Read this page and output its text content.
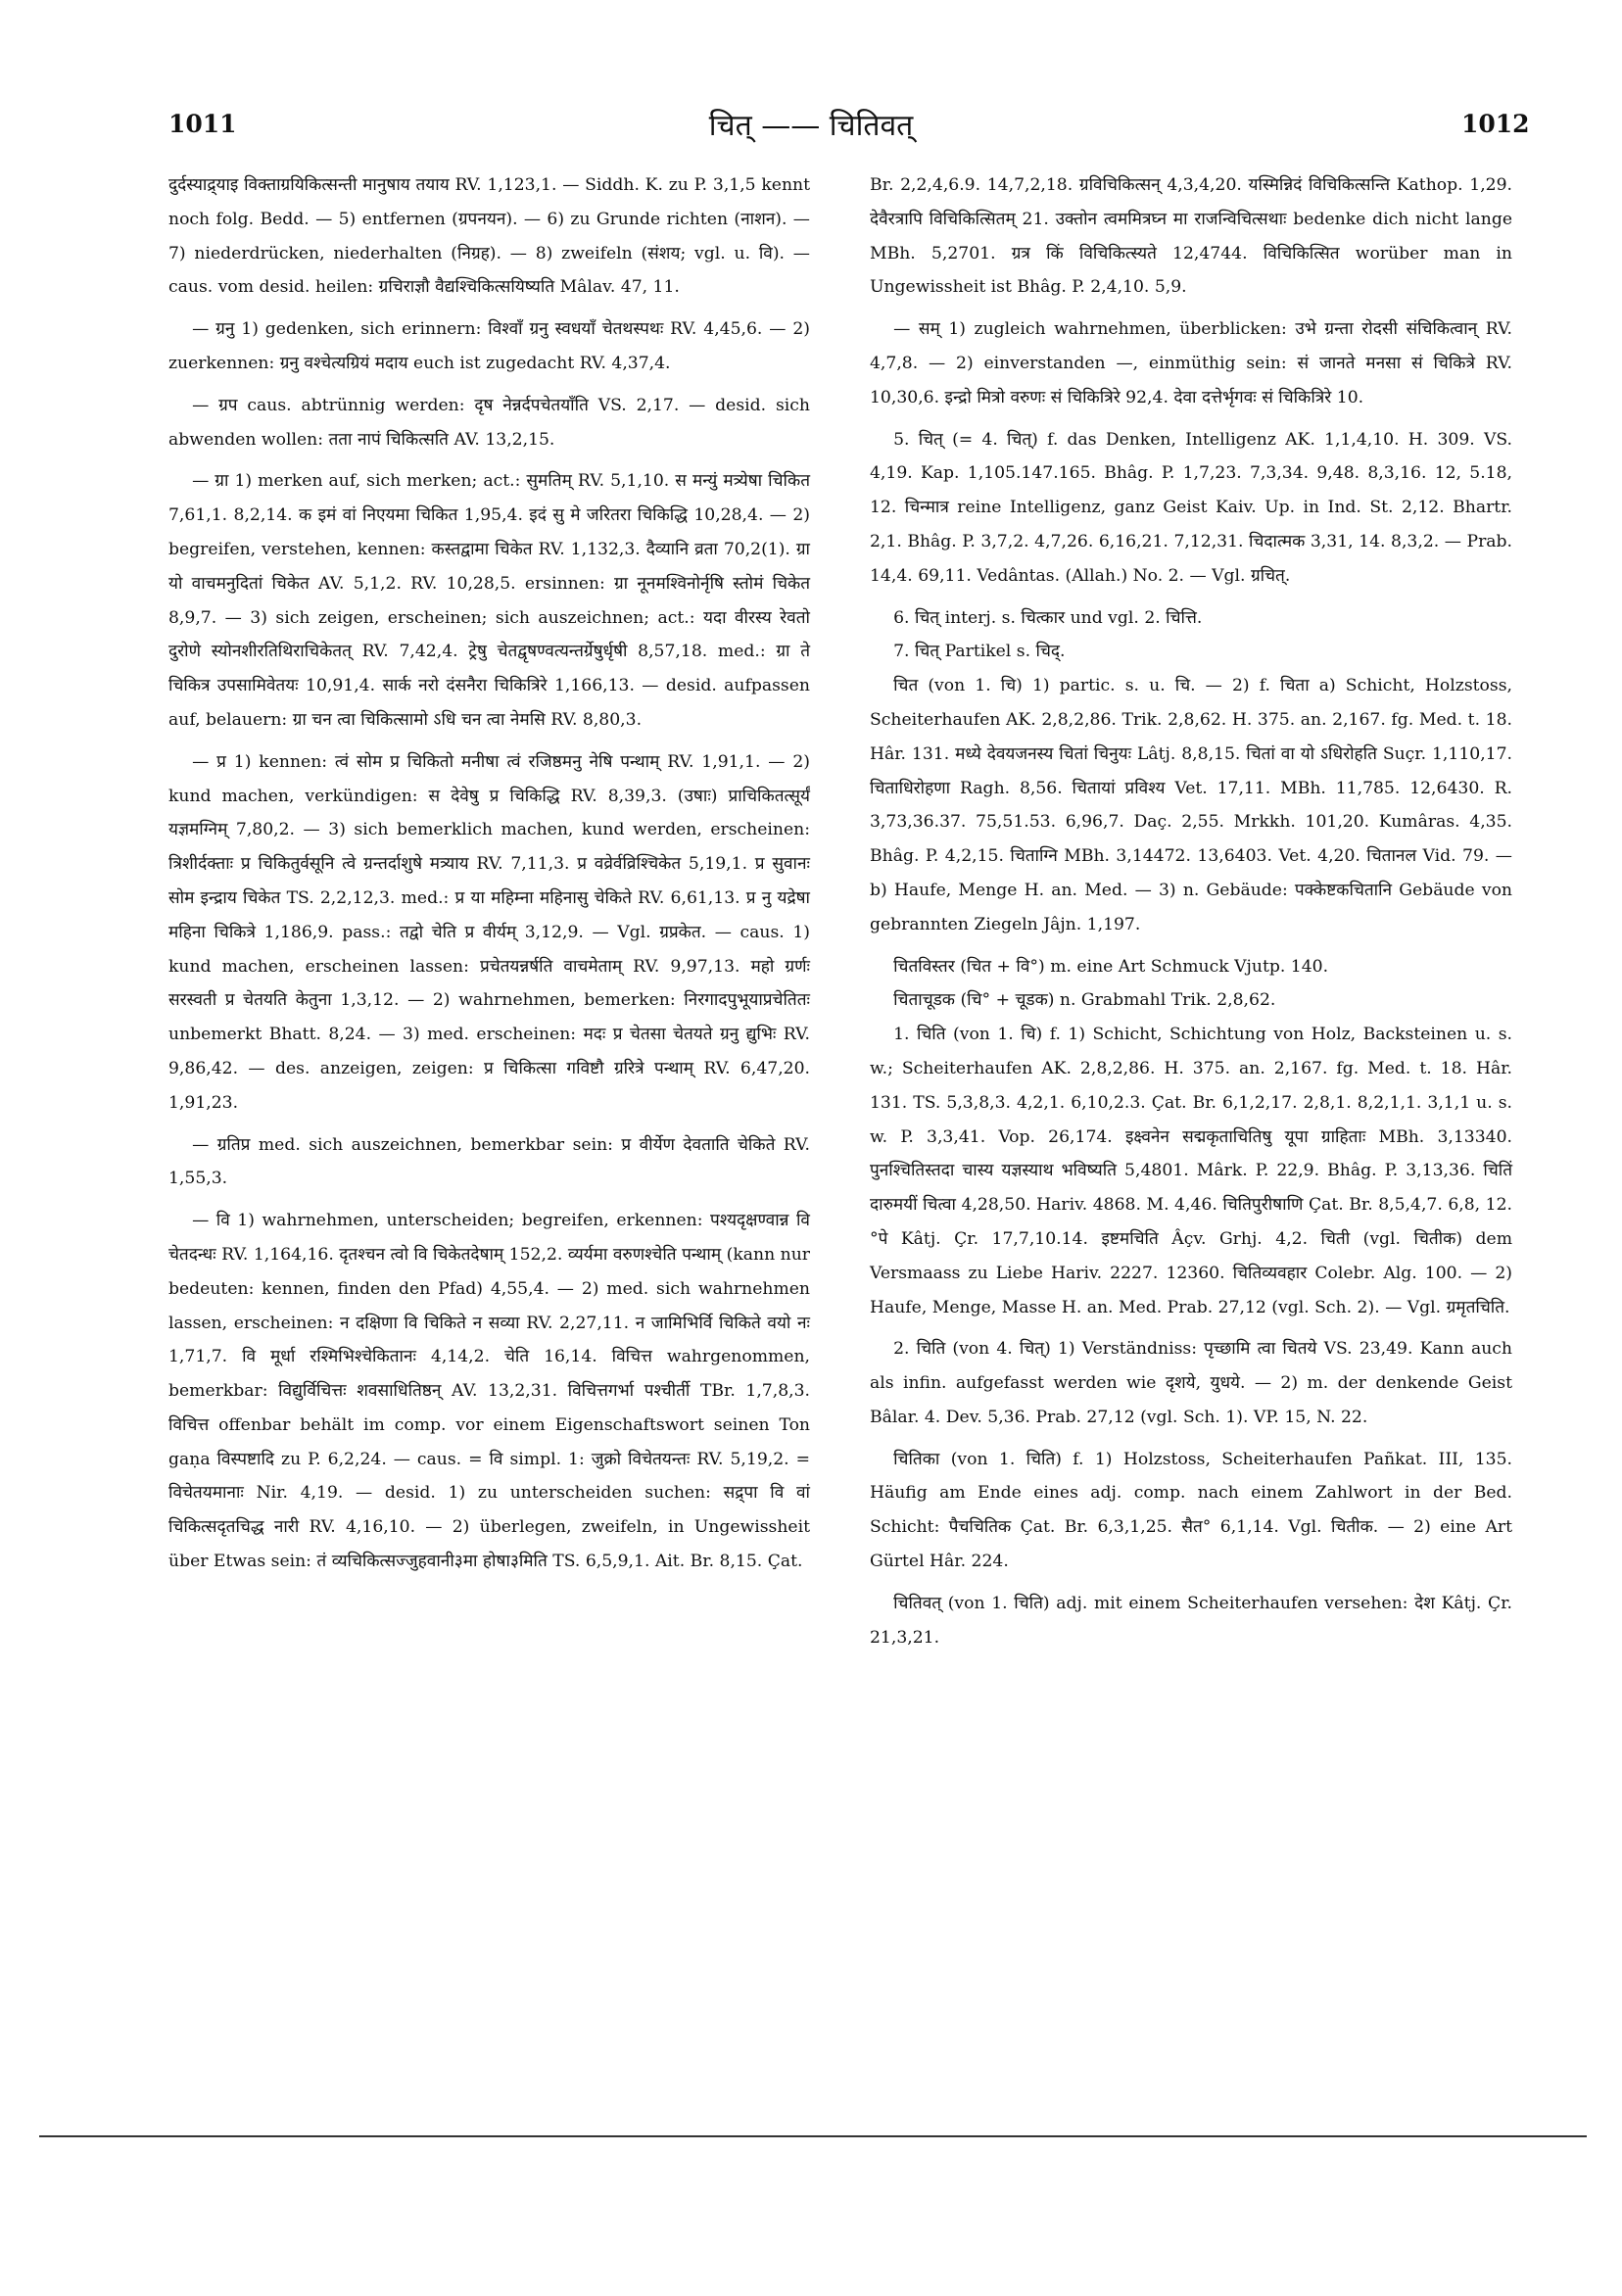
1011	चित् —— चितिवत्	1012

दुर्दस्याद्र्याइ विक्ताग्रयिकित्सन्ती मानुषाय तयाय RV. 1,123,1. — Siddh. K. zu P. 3,1,5 kennt noch folg. Bedd. — 5) entfernen (ग्रपनयन). — 6) zu Grunde richten (नाशन). — 7) niederdrücken, niederhalten (निग्रह). — 8) zweifeln (संशय; vgl. u. वि). — caus. vom desid. heilen: ग्रचिराज्ञौ वैद्यश्चिकित्सयिष्यति Mâlav. 47, 11.

— ग्रनु 1) gedenken, sich erinnern: विश्वाँ ग्रनु स्वधयाँ चेतथस्पथः RV. 4,45,6. — 2) zuerkennen: ग्रनु वश्चेत्यग्रियं मदाय euch ist zugedacht RV. 4,37,4.

— ग्रप caus. abtrünnig werden: दृष नेन्नर्दपचेतयाँति VS. 2,17. — desid. sich abwenden wollen: तता नापं चिकित्सति AV. 13,2,15.

— ग्रा 1) merken auf, sich merken; act.: सुमतिम् RV. 5,1,10. स मन्युं मत्र्येषा चिकित 7,61,1. 8,2,14. क इमं वां निएयमा चिकित 1,95,4. इदं सु मे जरितरा चिकिद्धि 10,28,4. — 2) begreifen, verstehen, kennen: कस्तद्वामा चिकेत RV. 1,132,3. दैव्यानि व्रता 70,2(1). ग्रा यो वाचमनुदितां चिकेत AV. 5,1,2. RV. 10,28,5. ersinnen: ग्रा नूनमश्विनोर्नृषि स्तोमं चिकेत 8,9,7. — 3) sich zeigen, erscheinen; sich auszeichnen; act.: यदा वीरस्य रेवतो दुरोणे स्योनशीरतिथिराचिकेतत् RV. 7,42,4. ट्रेषु चेतद्वृषण्वत्यन्तर्ग्रेषुर्धृषी 8,57,18. med.: ग्रा ते चिकित्र उपसामिवेतयः 10,91,4. सार्क नरो दंसनैरा चिकित्रिरे 1,166,13. — desid. aufpassen auf, belauern: ग्रा चन त्वा चिकित्सामो ऽधि चन त्वा नेमसि RV. 8,80,3.

— प्र 1) kennen: त्वं सोम प्र चिकितो मनीषा त्वं रजिष्ठमनु नेषि पन्थाम् RV. 1,91,1. — 2) kund machen, verkündigen: स देवेषु प्र चिकिद्धि RV. 8,39,3. (उषाः) प्राचिकितत्सूर्यं यज्ञमग्निम् 7,80,2. — 3) sich bemerklich machen, kund werden, erscheinen: त्रिशीर्दक्ताः प्र चिकितुर्वसूनि त्वे ग्रन्तर्दाशुषे मत्र्याय RV. 7,11,3. प्र वव्रेर्वव्रिश्चिकेत 5,19,1. प्र सुवानः सोम इन्द्राय चिकेत TS. 2,2,12,3. med.: प्र या महिम्ना महिनासु चेकिते RV. 6,61,13. प्र नु यद्रेषा महिना चिकित्रे 1,186,9. pass.: तद्वो चेति प्र वीर्यम् 3,12,9. — Vgl. ग्रप्रकेत. — caus. 1) kund machen, erscheinen lassen: प्रचेतयन्नर्षति वाचमेताम् RV. 9,97,13. महो ग्रर्णः सरस्वती प्र चेतयति केतुना 1,3,12. — 2) wahrnehmen, bemerken: निरगादपुभूयाप्रचेतितः unbemerkt Bhatt. 8,24. — 3) med. erscheinen: मदः प्र चेतसा चेतयते ग्रनु द्युभिः RV. 9,86,42. — des. anzeigen, zeigen: प्र चिकित्सा गविष्टौ ग्ररित्रे पन्थाम् RV. 6,47,20. 1,91,23.

— ग्रतिप्र med. sich auszeichnen, bemerkbar sein: प्र वीर्येण देवताति चेकिते RV. 1,55,3.

— वि 1) wahrnehmen, unterscheiden; begreifen, erkennen: पश्यदृक्षण्वान्न वि चेतदन्धः RV. 1,164,16. दृतश्चन त्वो वि चिकेतदेषाम् 152,2. व्यर्यमा वरुणश्चेति पन्थाम् (kann nur bedeuten: kennen, finden den Pfad) 4,55,4. — 2) med. sich wahrnehmen lassen, erscheinen: न दक्षिणा वि चिकिते न सव्या RV. 2,27,11. न जामिभिर्वि चिकिते वयो नः 1,71,7. वि मूर्धा रश्मिभिश्चेकितानः 4,14,2. चेति 16,14. विचित्त wahrgenommen, bemerkbar: विद्युर्विचित्तः शवसाधितिष्ठन् AV. 13,2,31. विचित्तगर्भा पश्चीर्ती TBr. 1,7,8,3. विचित्त offenbar behält im comp. vor einem Eigenschaftswort seinen Ton gaṇa विस्पष्टादि zu P. 6,2,24. — caus. = वि simpl. 1: जुक्रो विचेतयन्तः RV. 5,19,2. = विचेतयमानाः Nir. 4,19. — desid. 1) zu unterscheiden suchen: सद्र्पा वि वां चिकित्सदृतचिद्ध नारी RV. 4,16,10. — 2) überlegen, zweifeln, in Ungewissheit über Etwas sein: तं व्यचिकित्सज्जुहवानी३मा होषा३मिति TS. 6,5,9,1. Ait. Br. 8,15. Çat.

Br. 2,2,4,6.9. 14,7,2,18. ग्रविचिकित्सन् 4,3,4,20. यस्मिन्निदं विचिकित्सन्ति Kathop. 1,29. देवैरत्रापि विचिकित्सितम् 21. उक्तोन त्वममित्रघ्न मा राजन्विचित्सथाः bedenke dich nicht lange MBh. 5,2701. ग्रत्र किं विचिकित्स्यते 12,4744. विचिकित्सित worüber man in Ungewissheit ist Bhâg. P. 2,4,10. 5,9.

— सम् 1) zugleich wahrnehmen, überblicken: उभे ग्रन्ता रोदसी संचिकित्वान् RV. 4,7,8. — 2) einverstanden —, einmüthig sein: सं जानते मनसा सं चिकित्रे RV. 10,30,6. इन्द्रो मित्रो वरुणः सं चिकित्रिरे 92,4. देवा दत्तेर्भृगवः सं चिकित्रिरे 10.

5. चित् (= 4. चित्) f. das Denken, Intelligenz AK. 1,1,4,10. H. 309. VS. 4,19. Kap. 1,105.147.165. Bhâg. P. 1,7,23. 7,3,34. 9,48. 8,3,16. 12, 5.18, 12. चिन्मात्र reine Intelligenz, ganz Geist Kaiv. Up. in Ind. St. 2,12. Bhartr. 2,1. Bhâg. P. 3,7,2. 4,7,26. 6,16,21. 7,12,31. चिदात्मक 3,31, 14. 8,3,2. — Prab. 14,4. 69,11. Vedântas. (Allah.) No. 2. — Vgl. ग्रचित्.

6. चित् interj. s. चित्कार und vgl. 2. चित्ति.

7. चित् Partikel s. चिद्.

चित (von 1. चि) 1) partic. s. u. चि. — 2) f. चिता a) Schicht, Holzstoss, Scheiterhaufen AK. 2,8,2,86. Trik. 2,8,62. H. 375. an. 2,167. fg. Med. t. 18. Hâr. 131. मध्ये देवयजनस्य चितां चिनुयः Lâtj. 8,8,15. चितां वा यो ऽधिरोहति Suçr. 1,110,17. चिताधिरोहणा Ragh. 8,56. चितायां प्रविश्य Vet. 17,11. MBh. 11,785. 12,6430. R. 3,73,36.37. 75,51.53. 6,96,7. Daç. 2,55. Mrkkh. 101,20. Kumâras. 4,35. Bhâg. P. 4,2,15. चिताग्नि MBh. 3,14472. 13,6403. Vet. 4,20. चितानल Vid. 79. — b) Haufe, Menge H. an. Med. — 3) n. Gebäude: पक्केष्टकचितानि Gebäude von gebrannten Ziegeln Jâjn. 1,197.

चितविस्तर (चित + वि°) m. eine Art Schmuck Vjutp. 140.

चिताचूडक (चि° + चूडक) n. Grabmahl Trik. 2,8,62.

1. चिति (von 1. चि) f. 1) Schicht, Schichtung von Holz, Backsteinen u. s. w.; Scheiterhaufen AK. 2,8,2,86. H. 375. an. 2,167. fg. Med. t. 18. Hâr. 131. TS. 5,3,8,3. 4,2,1. 6,10,2.3. Çat. Br. 6,1,2,17. 2,8,1. 8,2,1,1. 3,1,1 u. s. w. P. 3,3,41. Vop. 26,174. इक्ष्वनेन सद्मकृताचितिषु यूपा ग्राहिताः MBh. 3,13340. पुनश्चितिस्तदा चास्य यज्ञस्याथ भविष्यति 5,4801. Mârk. P. 22,9. Bhâg. P. 3,13,36. चितिं दारुमयीं चित्वा 4,28,50. Hariv. 4868. M. 4,46. चितिपुरीषाणि Çat. Br. 8,5,4,7. 6,8, 12. °पे Kâtj. Çr. 17,7,10.14. इष्टमचिति Âçv. Grhj. 4,2. चिती (vgl. चितीक) dem Versmaass zu Liebe Hariv. 2227. 12360. चितिव्यवहार Colebr. Alg. 100. — 2) Haufe, Menge, Masse H. an. Med. Prab. 27,12 (vgl. Sch. 2). — Vgl. ग्रमृतचिति.

2. चिति (von 4. चित्) 1) Verständniss: पृच्छामि त्वा चितये VS. 23,49. Kann auch als infin. aufgefasst werden wie दृशये, युधये. — 2) m. der denkende Geist Bâlar. 4. Dev. 5,36. Prab. 27,12 (vgl. Sch. 1). VP. 15, N. 22.

चितिका (von 1. चिति) f. 1) Holzstoss, Scheiterhaufen Pañkat. III, 135. Häufig am Ende eines adj. comp. nach einem Zahlwort in der Bed. Schicht: पैचचितिक Çat. Br. 6,3,1,25. सैत° 6,1,14. Vgl. चितीक. — 2) eine Art Gürtel Hâr. 224.

चितिवत् (von 1. चिति) adj. mit einem Scheiterhaufen versehen: देश Kâtj. Çr. 21,3,21.
